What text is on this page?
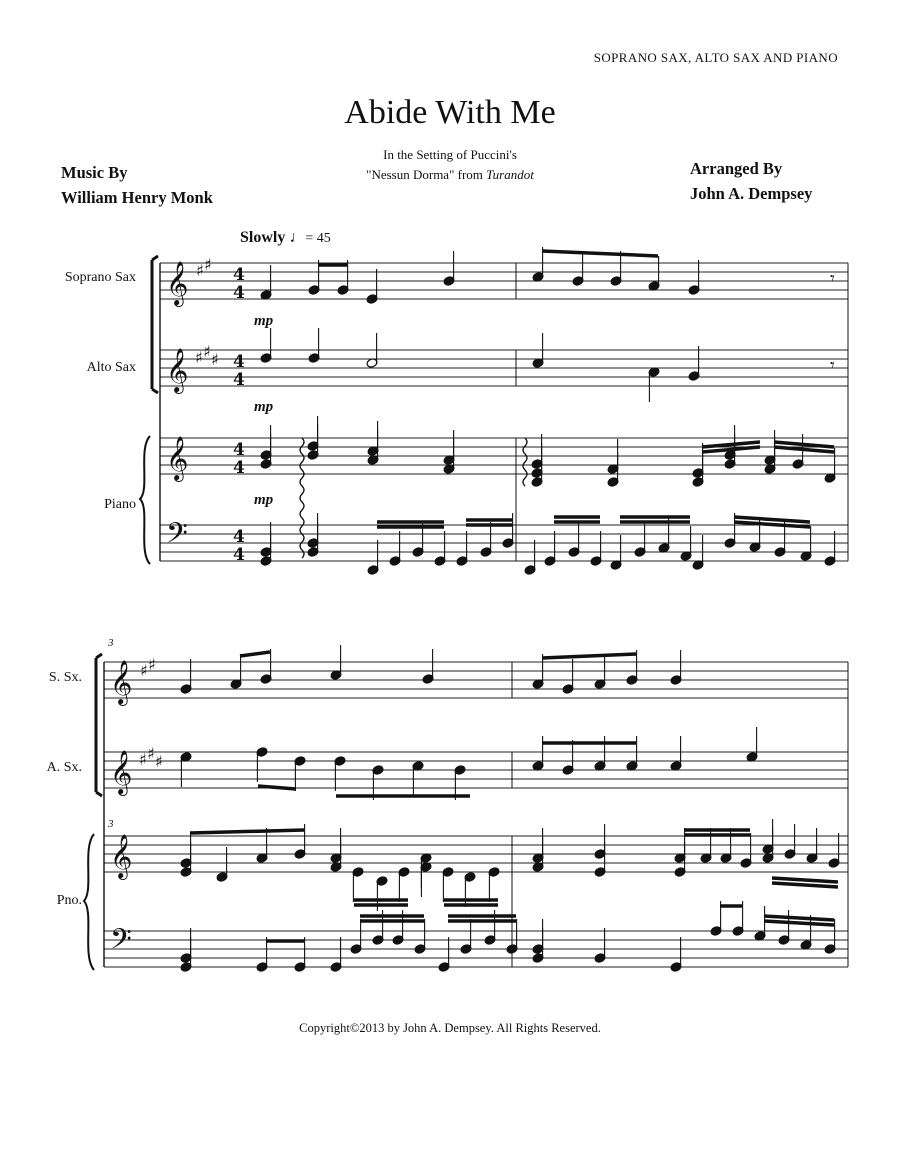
SOPRANO SAX, ALTO SAX AND PIANO
Abide With Me
In the Setting of Puccini's
"Nessun Dorma" from Turandot
Music By
William Henry Monk
Arranged By
John A. Dempsey
Slowly ♩= 45
Soprano Sax
Alto Sax
Piano
S. Sx.
A. Sx.
Pno.
mp
mp
mp
3
3
𝄞
𝄞
𝄞
𝄢
4
4
4
4
4
4
4
4
♯ ♯
♯ ♯ ♯
𝄾
𝄾
𝄞
𝄞
𝄞
𝄢
♯ ♯
♯ ♯ ♯
Copyright©2013 by John A. Dempsey. All Rights Reserved.
